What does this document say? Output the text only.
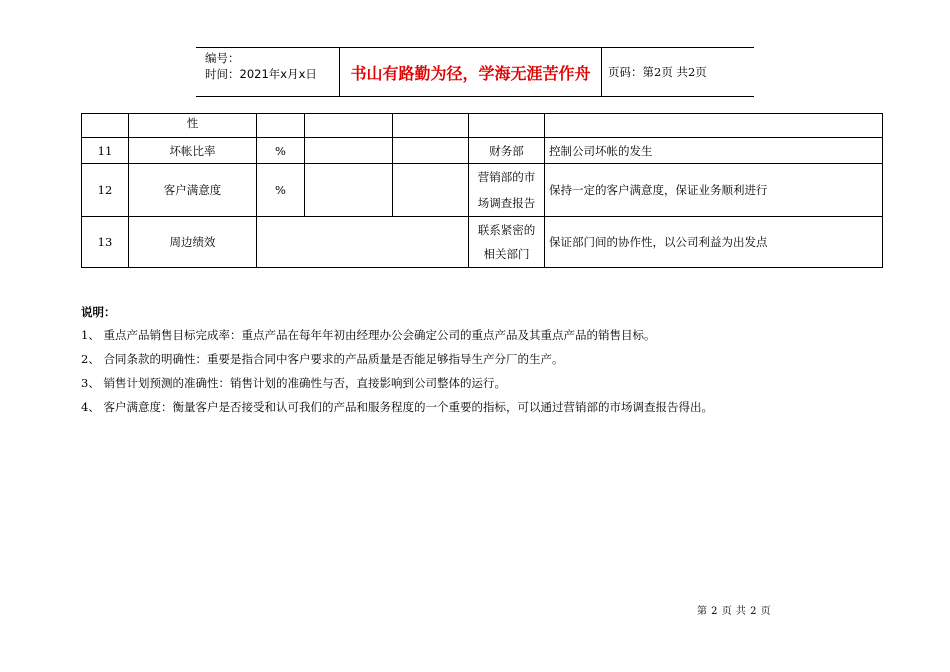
编号：
时间：2021年x月x日	书山有路勤为径，学海无涯苦作舟	页码：第2页 共2页
	性					
11	坏帐比率	%			财务部	控制公司坏帐的发生
12	客户满意度	%			营销部的市场调查报告	保持一定的客户满意度，保证业务顺利进行
13	周边绩效				联系紧密的相关部门	保证部门间的协作性，以公司利益为出发点
说明：
1、 重点产品销售目标完成率：重点产品在每年年初由经理办公会确定公司的重点产品及其重点产品的销售目标。
2、 合同条款的明确性：重要是指合同中客户要求的产品质量是否能足够指导生产分厂的生产。
3、 销售计划预测的准确性：销售计划的准确性与否，直接影响到公司整体的运行。
4、 客户满意度：衡量客户是否接受和认可我们的产品和服务程度的一个重要的指标，可以通过营销部的市场调查报告得出。
第 2 页 共 2 页
